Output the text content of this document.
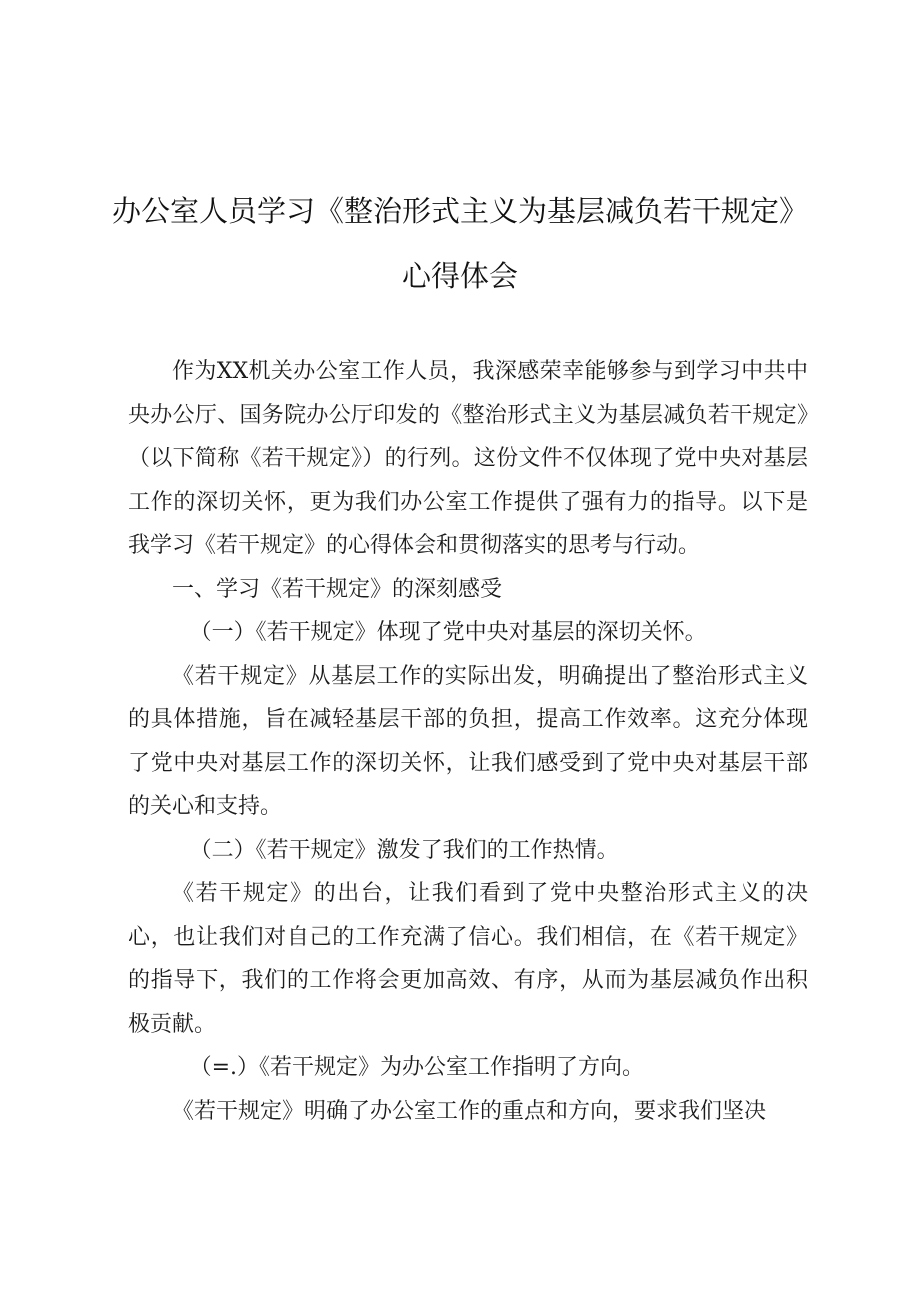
办公室人员学习《整治形式主义为基层减负若干规定》
心得体会

作为XX机关办公室工作人员，我深感荣幸能够参与到学习中共中央办公厅、国务院办公厅印发的《整治形式主义为基层减负若干规定》（以下简称《若干规定》）的行列。这份文件不仅体现了党中央对基层工作的深切关怀，更为我们办公室工作提供了强有力的指导。以下是我学习《若干规定》的心得体会和贯彻落实的思考与行动。

一、学习《若干规定》的深刻感受

（一）《若干规定》体现了党中央对基层的深切关怀。

《若干规定》从基层工作的实际出发，明确提出了整治形式主义的具体措施，旨在减轻基层干部的负担，提高工作效率。这充分体现了党中央对基层工作的深切关怀，让我们感受到了党中央对基层干部的关心和支持。

（二）《若干规定》激发了我们的工作热情。

《若干规定》的出台，让我们看到了党中央整治形式主义的决心，也让我们对自己的工作充满了信心。我们相信，在《若干规定》的指导下，我们的工作将会更加高效、有序，从而为基层减负作出积极贡献。

（=.）《若干规定》为办公室工作指明了方向。

《若干规定》明确了办公室工作的重点和方向，要求我们坚决
